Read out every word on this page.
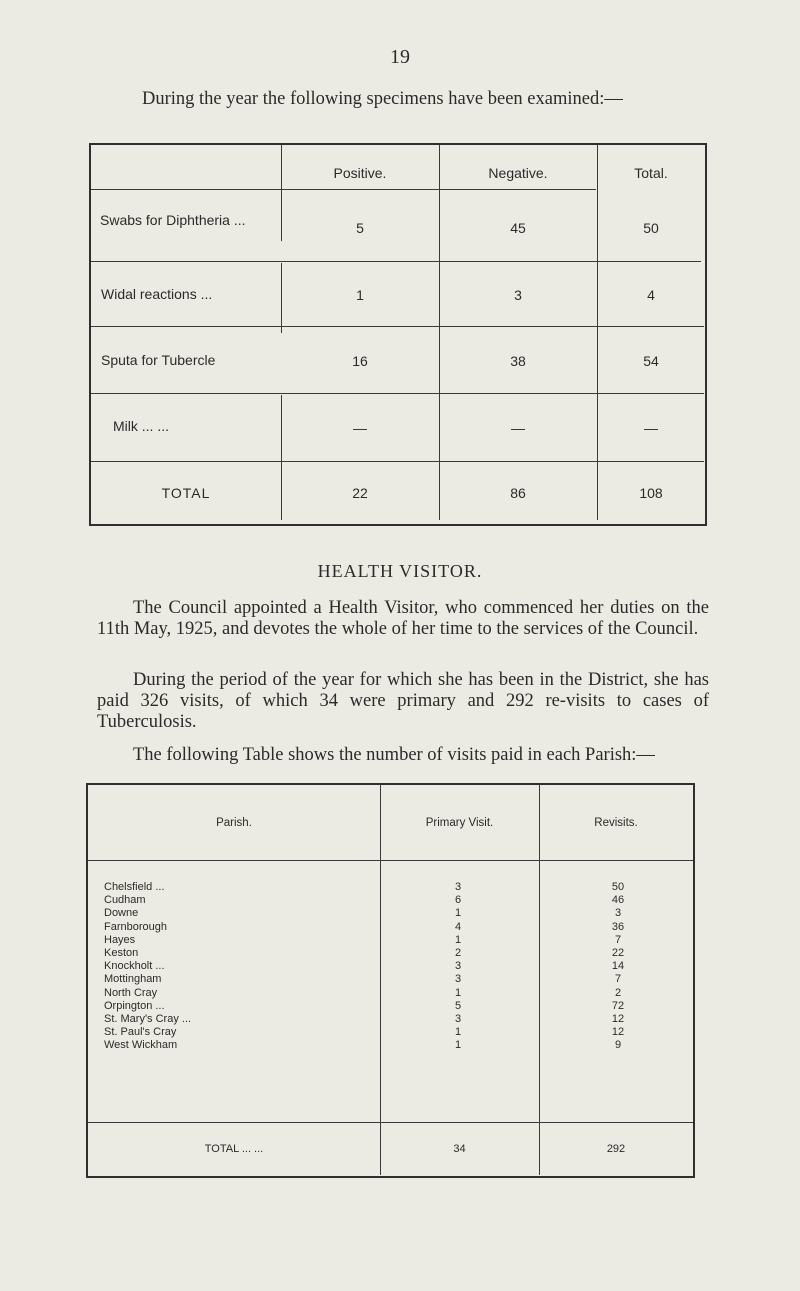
19

During the year the following specimens have been examined:—

Positive.	Negative.	Total.
Swabs for Diphtheria ...	5	45	50
Widal reactions ...	1	3	4
Sputa for Tubercle	16	38	54
Milk ... ...	—	—	—
TOTAL	22	86	108
HEALTH VISITOR.

The Council appointed a Health Visitor, who commenced her duties on the 11th May, 1925, and devotes the whole of her time to the services of the Council.

During the period of the year for which she has been in the District, she has paid 326 visits, of which 34 were primary and 292 re-visits to cases of Tuberculosis.

The following Table shows the number of visits paid in each Parish:—

Parish.	Primary Visit.	Revisits.
Chelsfield ...	3	50
Cudham	6	46
Downe	1	3
Farnborough	4	36
Hayes	1	7
Keston	2	22
Knockholt ...	3	14
Mottingham	3	7
North Cray	1	2
Orpington ...	5	72
St. Mary's Cray ...	3	12
St. Paul's Cray	1	12
West Wickham	1	9
TOTAL ... ...	34	292
